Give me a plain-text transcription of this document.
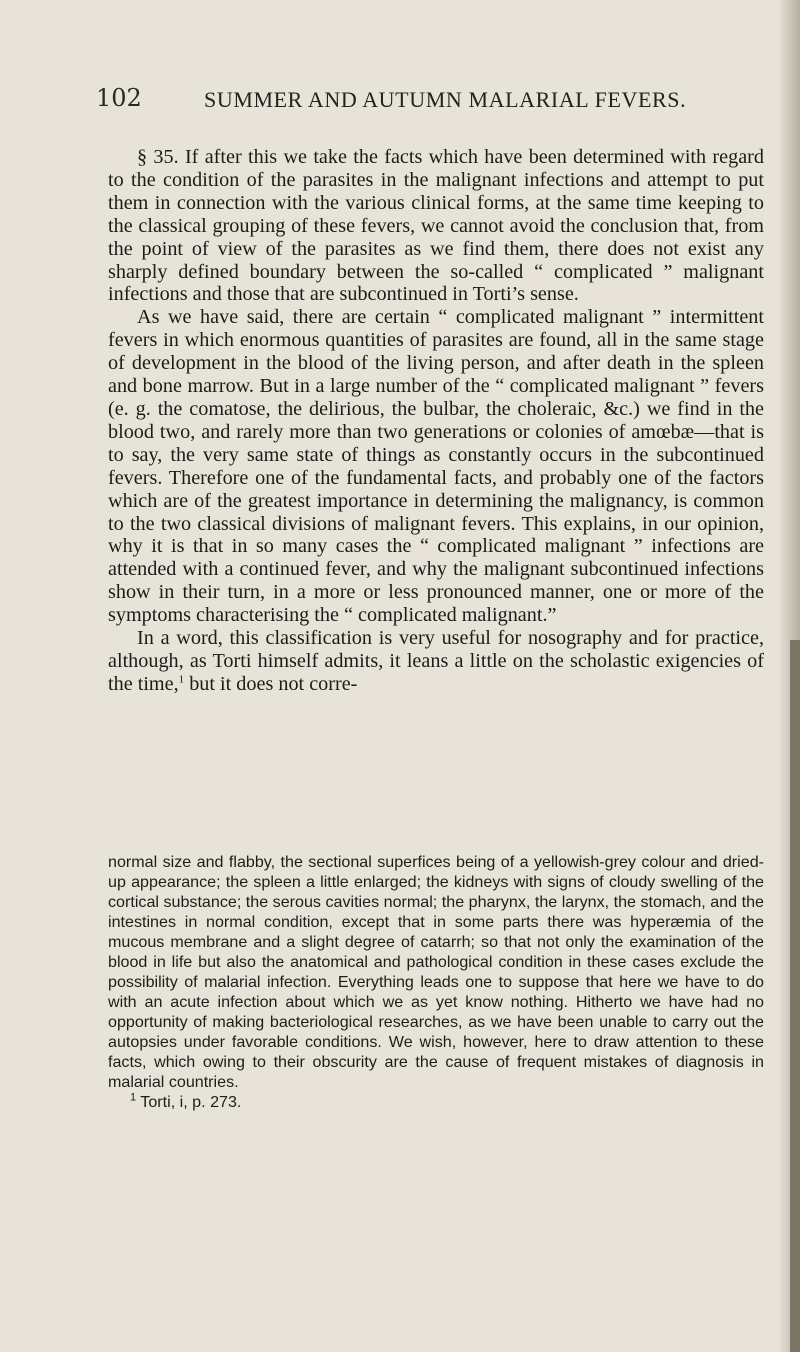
102	SUMMER AND AUTUMN MALARIAL FEVERS.

§ 35. If after this we take the facts which have been determined with regard to the condition of the parasites in the malignant infections and attempt to put them in connection with the various clinical forms, at the same time keeping to the classical grouping of these fevers, we cannot avoid the conclusion that, from the point of view of the parasites as we find them, there does not exist any sharply defined boundary between the so-called “ complicated ” malignant infections and those that are subcontinued in Torti’s sense.

As we have said, there are certain “ complicated malignant ” intermittent fevers in which enormous quantities of parasites are found, all in the same stage of development in the blood of the living person, and after death in the spleen and bone marrow. But in a large number of the “ complicated malignant ” fevers (e. g. the comatose, the delirious, the bulbar, the choleraic, &c.) we find in the blood two, and rarely more than two generations or colonies of amœbæ—that is to say, the very same state of things as constantly occurs in the subcontinued fevers. Therefore one of the fundamental facts, and probably one of the factors which are of the greatest importance in determining the malignancy, is common to the two classical divisions of malignant fevers. This explains, in our opinion, why it is that in so many cases the “ complicated malignant ” infections are attended with a continued fever, and why the malignant subcontinued infections show in their turn, in a more or less pronounced manner, one or more of the symptoms characterising the “ complicated malignant.”

In a word, this classification is very useful for nosography and for practice, although, as Torti himself admits, it leans a little on the scholastic exigencies of the time,$^1$ but it does not corre-

normal size and flabby, the sectional superfices being of a yellowish-grey colour and dried-up appearance; the spleen a little enlarged; the kidneys with signs of cloudy swelling of the cortical substance; the serous cavities normal; the pharynx, the larynx, the stomach, and the intestines in normal condition, except that in some parts there was hyperæmia of the mucous membrane and a slight degree of catarrh; so that not only the examination of the blood in life but also the anatomical and pathological condition in these cases exclude the possibility of malarial infection. Everything leads one to suppose that here we have to do with an acute infection about which we as yet know nothing. Hitherto we have had no opportunity of making bacteriological researches, as we have been unable to carry out the autopsies under favorable conditions. We wish, however, here to draw attention to these facts, which owing to their obscurity are the cause of frequent mistakes of diagnosis in malarial countries.

$^1$ Torti, i, p. 273.
